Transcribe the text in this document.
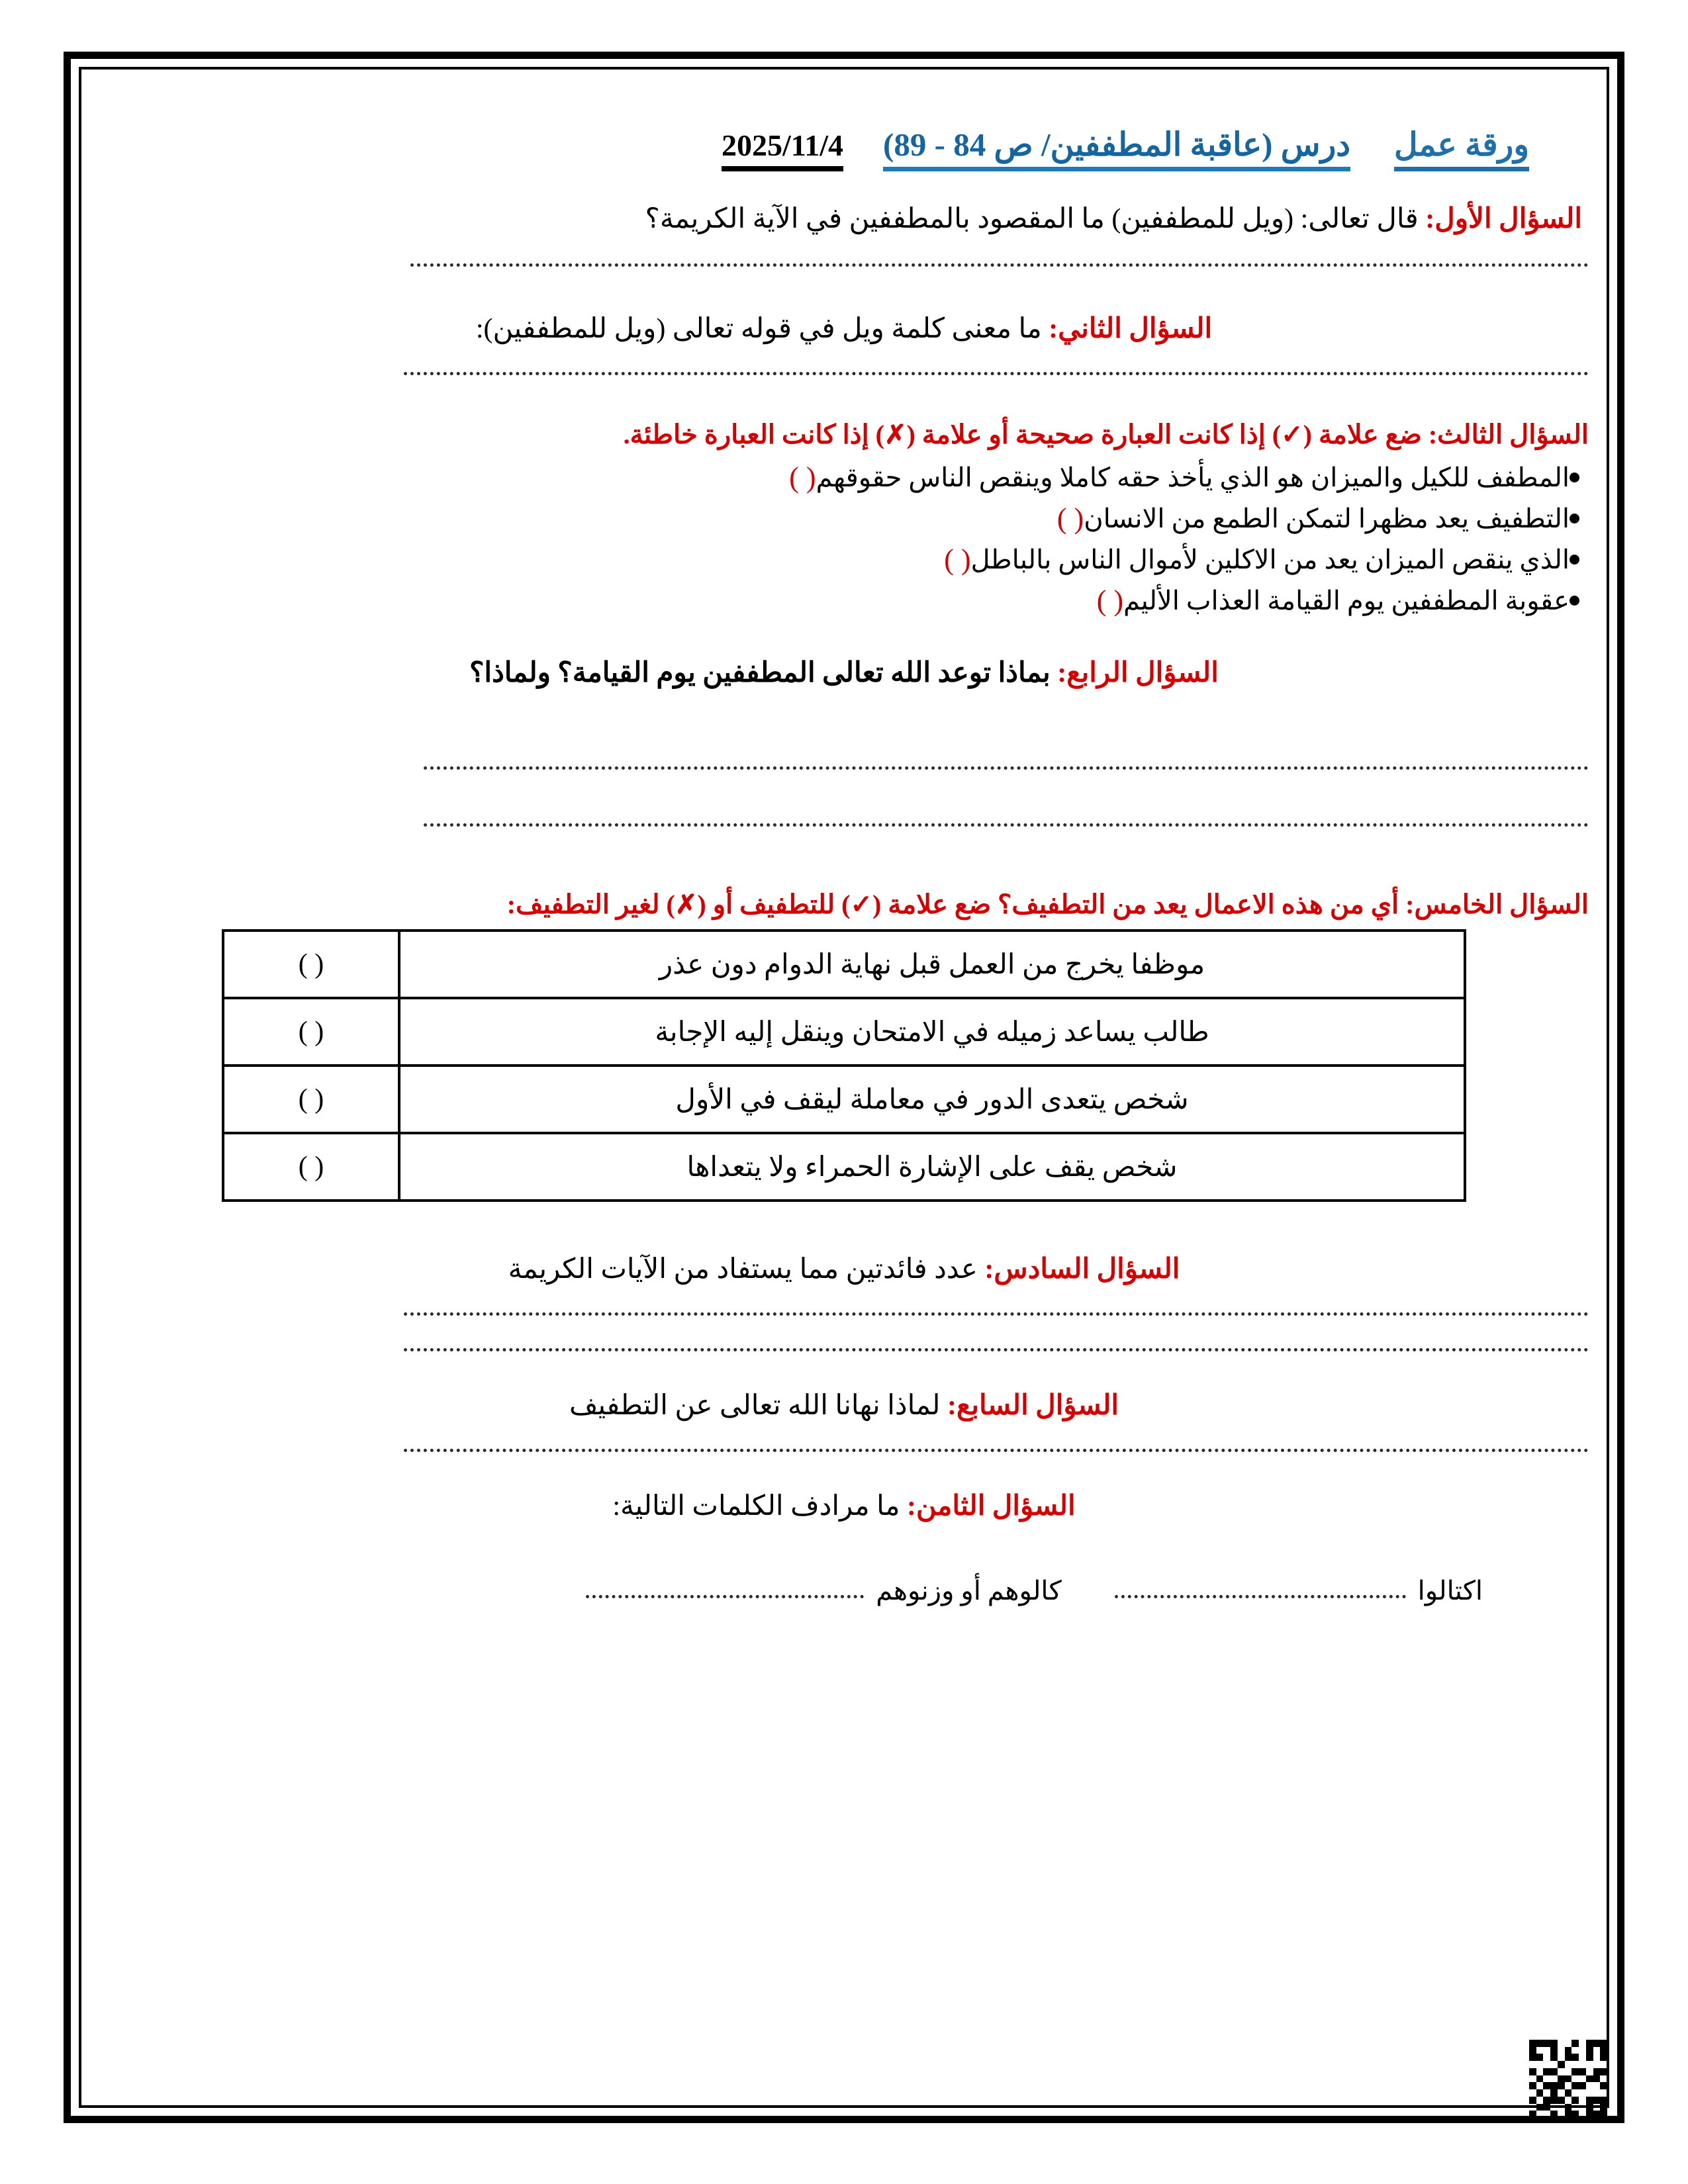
ورقة عمل
درس (عاقبة المطففين/ ص 84 - 89)
2025/11/4
السؤال الأول: قال تعالى: (ويل للمطففين) ما المقصود بالمطففين في الآية الكريمة؟
السؤال الثاني: ما معنى كلمة ويل في قوله تعالى (ويل للمطففين):
السؤال الثالث: ضع علامة (✓) إذا كانت العبارة صحيحة أو علامة (✗) إذا كانت العبارة خاطئة.
المطفف للكيل والميزان هو الذي يأخذ حقه كاملا وينقص الناس حقوقهم
( )
التطفيف يعد مظهرا لتمكن الطمع من الانسان
( )
الذي ينقص الميزان يعد من الاكلين لأموال الناس بالباطل
( )
عقوبة المطففين يوم القيامة العذاب الأليم
( )
السؤال الرابع: بماذا توعد الله تعالى المطففين يوم القيامة؟ ولماذا؟
السؤال الخامس: أي من هذه الاعمال يعد من التطفيف؟ ضع علامة (✓) للتطفيف أو (✗) لغير التطفيف:
موظفا يخرج من العمل قبل نهاية الدوام دون عذر	( )
طالب يساعد زميله في الامتحان وينقل إليه الإجابة	( )
شخص يتعدى الدور في معاملة ليقف في الأول	( )
شخص يقف على الإشارة الحمراء ولا يتعداها	( )
السؤال السادس: عدد فائدتين مما يستفاد من الآيات الكريمة
السؤال السابع: لماذا نهانا الله تعالى عن التطفيف
السؤال الثامن: ما مرادف الكلمات التالية:
اكتالوا
كالوهم أو وزنوهم
